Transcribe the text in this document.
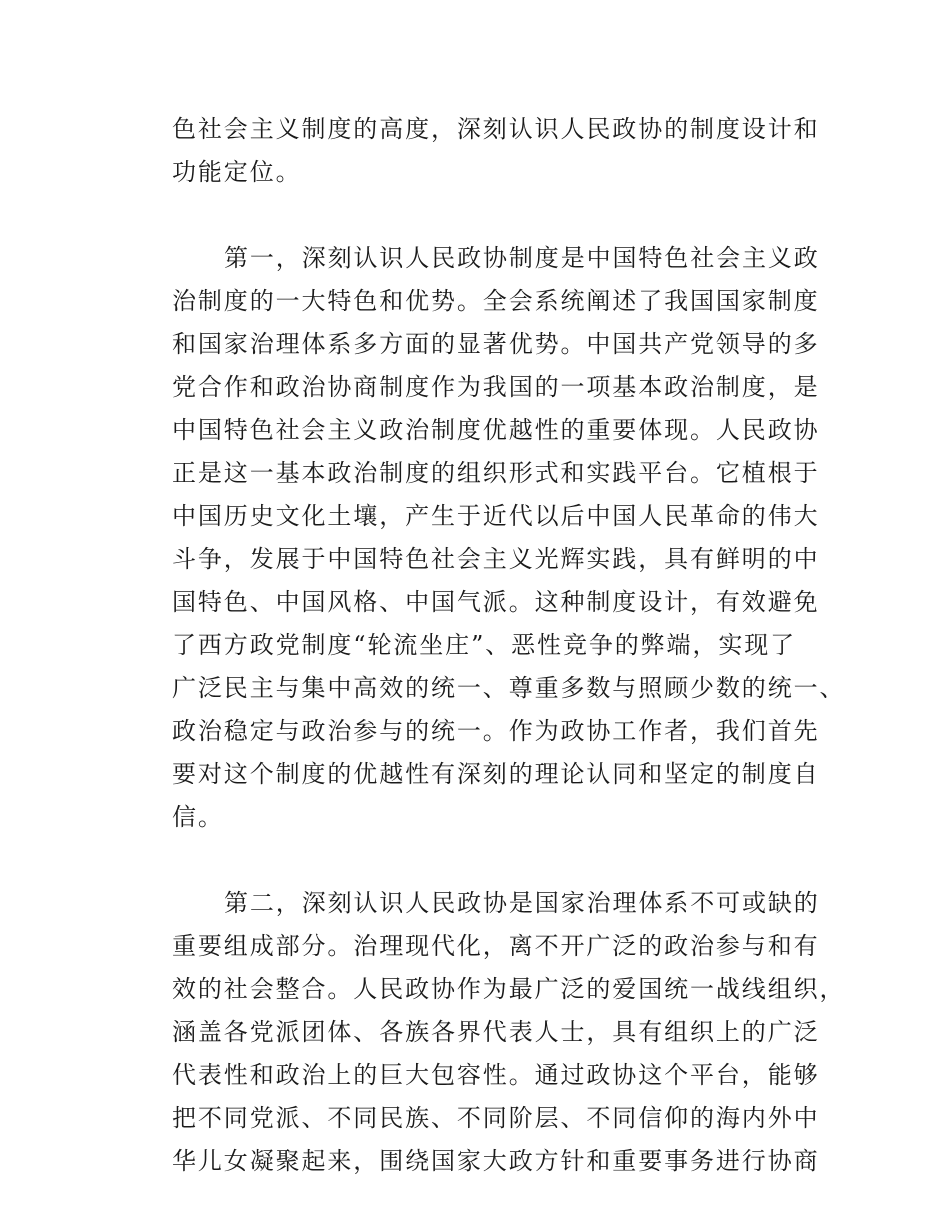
色社会主义制度的高度，深刻认识人民政协的制度设计和
功能定位。
第一，深刻认识人民政协制度是中国特色社会主义政
治制度的一大特色和优势。全会系统阐述了我国国家制度
和国家治理体系多方面的显著优势。中国共产党领导的多
党合作和政治协商制度作为我国的一项基本政治制度，是
中国特色社会主义政治制度优越性的重要体现。人民政协
正是这一基本政治制度的组织形式和实践平台。它植根于
中国历史文化土壤，产生于近代以后中国人民革命的伟大
斗争，发展于中国特色社会主义光辉实践，具有鲜明的中
国特色、中国风格、中国气派。这种制度设计，有效避免
了西方政党制度“轮流坐庄”、恶性竞争的弊端，实现了
广泛民主与集中高效的统一、尊重多数与照顾少数的统一、
政治稳定与政治参与的统一。作为政协工作者，我们首先
要对这个制度的优越性有深刻的理论认同和坚定的制度自
信。
第二，深刻认识人民政协是国家治理体系不可或缺的
重要组成部分。治理现代化，离不开广泛的政治参与和有
效的社会整合。人民政协作为最广泛的爱国统一战线组织，
涵盖各党派团体、各族各界代表人士，具有组织上的广泛
代表性和政治上的巨大包容性。通过政协这个平台，能够
把不同党派、不同民族、不同阶层、不同信仰的海内外中
华儿女凝聚起来，围绕国家大政方针和重要事务进行协商
